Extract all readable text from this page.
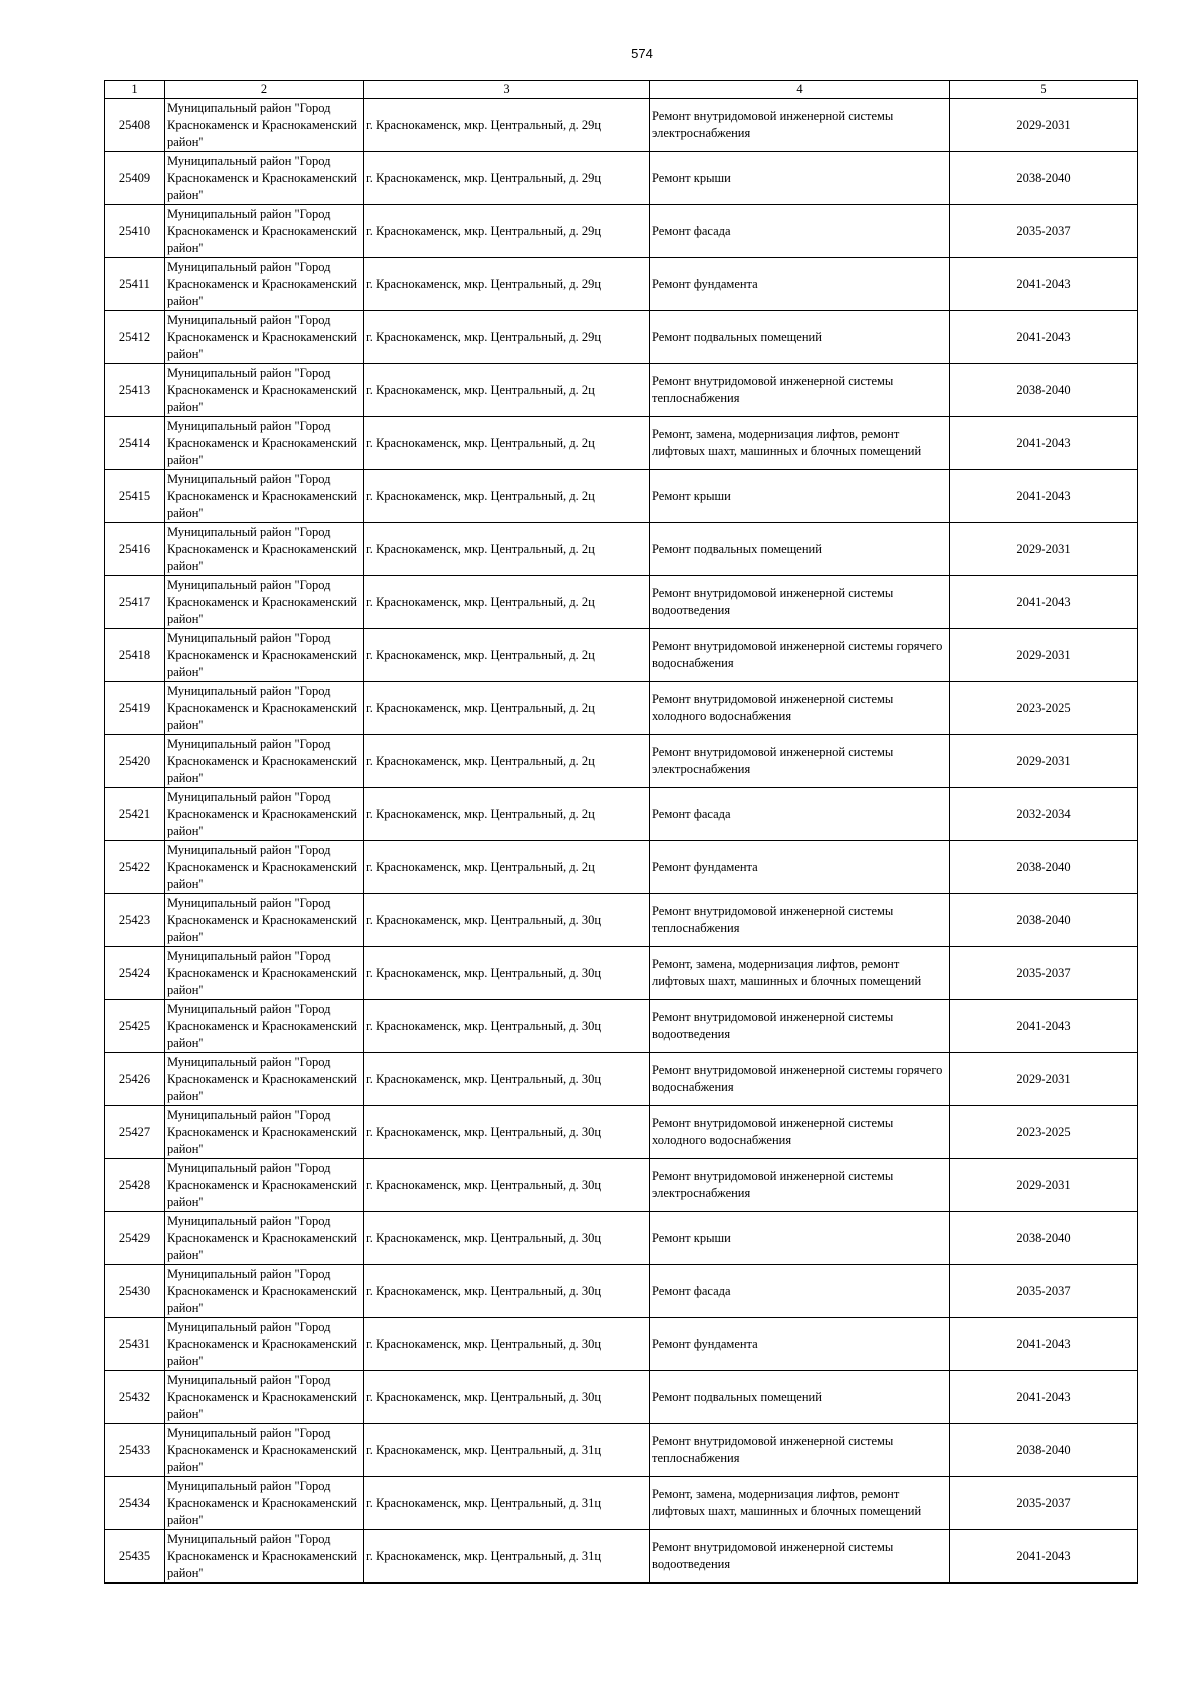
574
1	2	3	4	5
25408	Муниципальный район "Город Краснокаменск и Краснокаменский район"	г. Краснокаменск, мкр. Центральный, д. 29ц	Ремонт внутридомовой инженерной системы электроснабжения	2029-2031
25409	Муниципальный район "Город Краснокаменск и Краснокаменский район"	г. Краснокаменск, мкр. Центральный, д. 29ц	Ремонт крыши	2038-2040
25410	Муниципальный район "Город Краснокаменск и Краснокаменский район"	г. Краснокаменск, мкр. Центральный, д. 29ц	Ремонт фасада	2035-2037
25411	Муниципальный район "Город Краснокаменск и Краснокаменский район"	г. Краснокаменск, мкр. Центральный, д. 29ц	Ремонт фундамента	2041-2043
25412	Муниципальный район "Город Краснокаменск и Краснокаменский район"	г. Краснокаменск, мкр. Центральный, д. 29ц	Ремонт подвальных помещений	2041-2043
25413	Муниципальный район "Город Краснокаменск и Краснокаменский район"	г. Краснокаменск, мкр. Центральный, д. 2ц	Ремонт внутридомовой инженерной системы теплоснабжения	2038-2040
25414	Муниципальный район "Город Краснокаменск и Краснокаменский район"	г. Краснокаменск, мкр. Центральный, д. 2ц	Ремонт, замена, модернизация лифтов, ремонт лифтовых шахт, машинных и блочных помещений	2041-2043
25415	Муниципальный район "Город Краснокаменск и Краснокаменский район"	г. Краснокаменск, мкр. Центральный, д. 2ц	Ремонт крыши	2041-2043
25416	Муниципальный район "Город Краснокаменск и Краснокаменский район"	г. Краснокаменск, мкр. Центральный, д. 2ц	Ремонт подвальных помещений	2029-2031
25417	Муниципальный район "Город Краснокаменск и Краснокаменский район"	г. Краснокаменск, мкр. Центральный, д. 2ц	Ремонт внутридомовой инженерной системы водоотведения	2041-2043
25418	Муниципальный район "Город Краснокаменск и Краснокаменский район"	г. Краснокаменск, мкр. Центральный, д. 2ц	Ремонт внутридомовой инженерной системы горячего водоснабжения	2029-2031
25419	Муниципальный район "Город Краснокаменск и Краснокаменский район"	г. Краснокаменск, мкр. Центральный, д. 2ц	Ремонт внутридомовой инженерной системы холодного водоснабжения	2023-2025
25420	Муниципальный район "Город Краснокаменск и Краснокаменский район"	г. Краснокаменск, мкр. Центральный, д. 2ц	Ремонт внутридомовой инженерной системы электроснабжения	2029-2031
25421	Муниципальный район "Город Краснокаменск и Краснокаменский район"	г. Краснокаменск, мкр. Центральный, д. 2ц	Ремонт фасада	2032-2034
25422	Муниципальный район "Город Краснокаменск и Краснокаменский район"	г. Краснокаменск, мкр. Центральный, д. 2ц	Ремонт фундамента	2038-2040
25423	Муниципальный район "Город Краснокаменск и Краснокаменский район"	г. Краснокаменск, мкр. Центральный, д. 30ц	Ремонт внутридомовой инженерной системы теплоснабжения	2038-2040
25424	Муниципальный район "Город Краснокаменск и Краснокаменский район"	г. Краснокаменск, мкр. Центральный, д. 30ц	Ремонт, замена, модернизация лифтов, ремонт лифтовых шахт, машинных и блочных помещений	2035-2037
25425	Муниципальный район "Город Краснокаменск и Краснокаменский район"	г. Краснокаменск, мкр. Центральный, д. 30ц	Ремонт внутридомовой инженерной системы водоотведения	2041-2043
25426	Муниципальный район "Город Краснокаменск и Краснокаменский район"	г. Краснокаменск, мкр. Центральный, д. 30ц	Ремонт внутридомовой инженерной системы горячего водоснабжения	2029-2031
25427	Муниципальный район "Город Краснокаменск и Краснокаменский район"	г. Краснокаменск, мкр. Центральный, д. 30ц	Ремонт внутридомовой инженерной системы холодного водоснабжения	2023-2025
25428	Муниципальный район "Город Краснокаменск и Краснокаменский район"	г. Краснокаменск, мкр. Центральный, д. 30ц	Ремонт внутридомовой инженерной системы электроснабжения	2029-2031
25429	Муниципальный район "Город Краснокаменск и Краснокаменский район"	г. Краснокаменск, мкр. Центральный, д. 30ц	Ремонт крыши	2038-2040
25430	Муниципальный район "Город Краснокаменск и Краснокаменский район"	г. Краснокаменск, мкр. Центральный, д. 30ц	Ремонт фасада	2035-2037
25431	Муниципальный район "Город Краснокаменск и Краснокаменский район"	г. Краснокаменск, мкр. Центральный, д. 30ц	Ремонт фундамента	2041-2043
25432	Муниципальный район "Город Краснокаменск и Краснокаменский район"	г. Краснокаменск, мкр. Центральный, д. 30ц	Ремонт подвальных помещений	2041-2043
25433	Муниципальный район "Город Краснокаменск и Краснокаменский район"	г. Краснокаменск, мкр. Центральный, д. 31ц	Ремонт внутридомовой инженерной системы теплоснабжения	2038-2040
25434	Муниципальный район "Город Краснокаменск и Краснокаменский район"	г. Краснокаменск, мкр. Центральный, д. 31ц	Ремонт, замена, модернизация лифтов, ремонт лифтовых шахт, машинных и блочных помещений	2035-2037
25435	Муниципальный район "Город Краснокаменск и Краснокаменский район"	г. Краснокаменск, мкр. Центральный, д. 31ц	Ремонт внутридомовой инженерной системы водоотведения	2041-2043
